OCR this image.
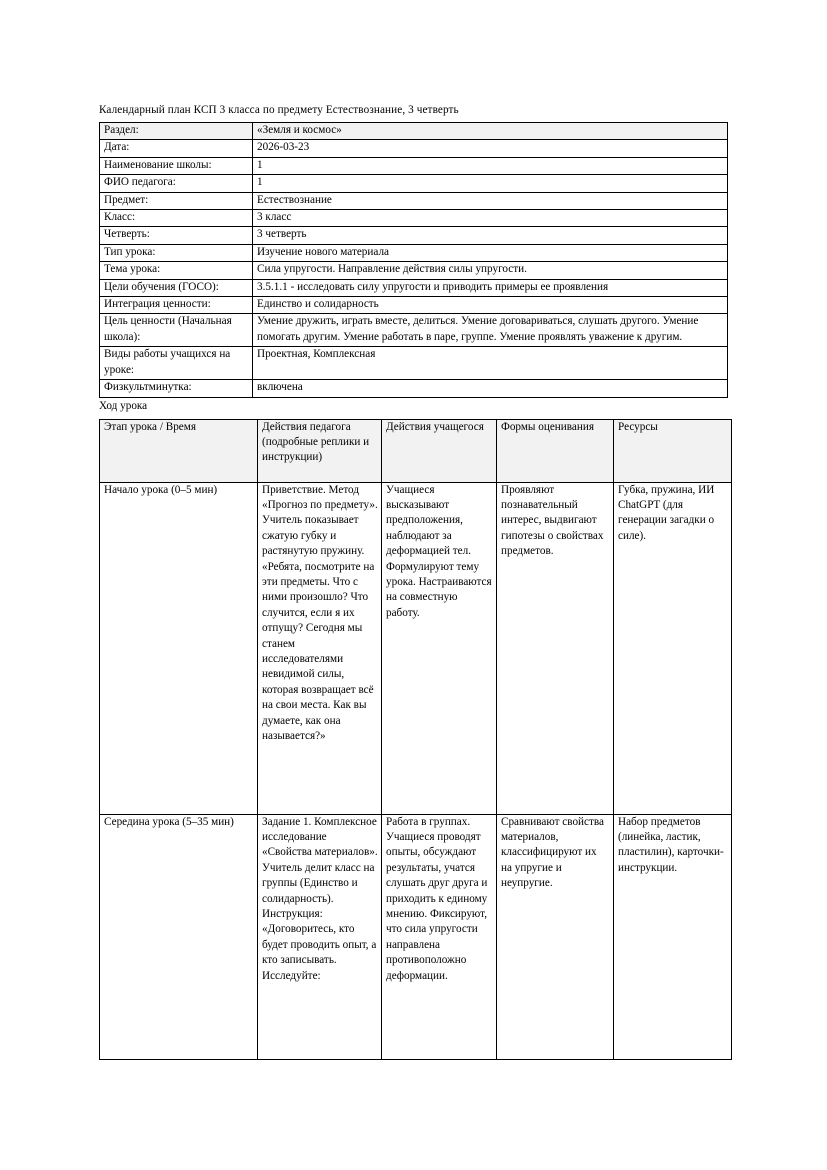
Календарный план КСП 3 класса по предмету Естествознание, 3 четверть

Раздел:	«Земля и космос»
Дата:	2026-03-23
Наименование школы:	1
ФИО педагога:	1
Предмет:	Естествознание
Класс:	3 класс
Четверть:	3 четверть
Тип урока:	Изучение нового материала
Тема урока:	Сила упругости. Направление действия силы упругости.
Цели обучения (ГОСО):	3.5.1.1 - исследовать силу упругости и приводить примеры ее проявления
Интеграция ценности:	Единство и солидарность
Цель ценности (Начальная школа):	Умение дружить, играть вместе, делиться. Умение договариваться, слушать другого. Умение помогать другим. Умение работать в паре, группе. Умение проявлять уважение к другим.
Виды работы учащихся на уроке:	Проектная, Комплексная
Физкультминутка:	включена

Ход урока

Этап урока / Время	Действия педагога (подробные реплики и инструкции)	Действия учащегося	Формы оценивания	Ресурсы
Начало урока (0–5 мин)	Приветствие. Метод «Прогноз по предмету». Учитель показывает сжатую губку и растянутую пружину. «Ребята, посмотрите на эти предметы. Что с ними произошло? Что случится, если я их отпущу? Сегодня мы станем исследователями невидимой силы, которая возвращает всё на свои места. Как вы думаете, как она называется?»	Учащиеся высказывают предположения, наблюдают за деформацией тел. Формулируют тему урока. Настраиваются на совместную работу.	Проявляют познавательный интерес, выдвигают гипотезы о свойствах предметов.	Губка, пружина, ИИ ChatGPT (для генерации загадки о силе).
Середина урока (5–35 мин)	Задание 1. Комплексное исследование «Свойства материалов». Учитель делит класс на группы (Единство и солидарность). Инструкция: «Договоритесь, кто будет проводить опыт, а кто записывать. Исследуйте:	Работа в группах. Учащиеся проводят опыты, обсуждают результаты, учатся слушать друг друга и приходить к единому мнению. Фиксируют, что сила упругости направлена противоположно деформации.	Сравнивают свойства материалов, классифицируют их на упругие и неупругие.	Набор предметов (линейка, ластик, пластилин), карточки-инструкции.
